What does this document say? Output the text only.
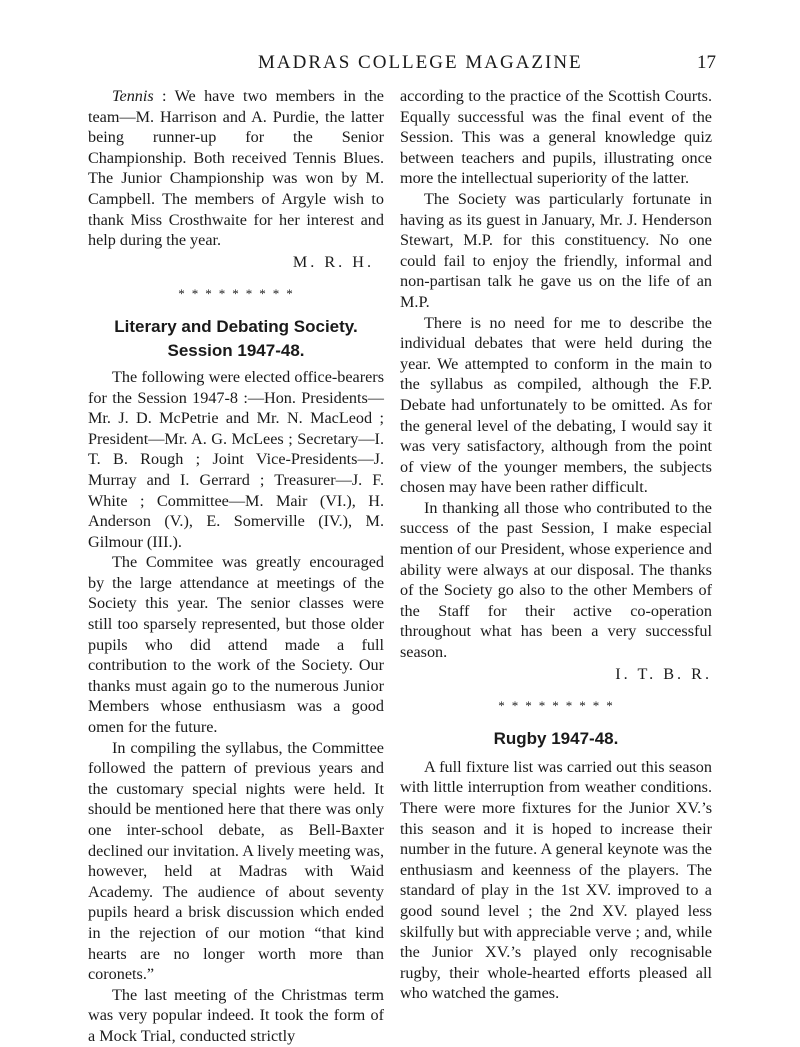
MADRAS COLLEGE MAGAZINE	17

Tennis : We have two members in the team—M. Harrison and A. Purdie, the latter being runner-up for the Senior Championship. Both received Tennis Blues. The Junior Championship was won by M. Campbell. The members of Argyle wish to thank Miss Crosthwaite for her interest and help during the year.

M. R. H.
*********
Literary and Debating Society.
Session 1947-48.

The following were elected office-bearers for the Session 1947-8 :—Hon. Presidents—Mr. J. D. McPetrie and Mr. N. MacLeod ; President—Mr. A. G. McLees ; Secretary—I. T. B. Rough ; Joint Vice-Presidents—J. Murray and I. Gerrard ; Treasurer—J. F. White ; Committee—M. Mair (VI.), H. Anderson (V.), E. Somerville (IV.), M. Gilmour (III.).

The Commitee was greatly encouraged by the large attendance at meetings of the Society this year. The senior classes were still too sparsely represented, but those older pupils who did attend made a full contribution to the work of the Society. Our thanks must again go to the numerous Junior Members whose enthusiasm was a good omen for the future.

In compiling the syllabus, the Committee followed the pattern of previous years and the customary special nights were held. It should be mentioned here that there was only one inter-school debate, as Bell-Baxter declined our invitation. A lively meeting was, however, held at Madras with Waid Academy. The audience of about seventy pupils heard a brisk discussion which ended in the rejection of our motion “that kind hearts are no longer worth more than coronets.”

The last meeting of the Christmas term was very popular indeed. It took the form of a Mock Trial, conducted strictly

according to the practice of the Scottish Courts. Equally successful was the final event of the Session. This was a general knowledge quiz between teachers and pupils, illustrating once more the intellectual superiority of the latter.

The Society was particularly fortunate in having as its guest in January, Mr. J. Henderson Stewart, M.P. for this constituency. No one could fail to enjoy the friendly, informal and non-partisan talk he gave us on the life of an M.P.

There is no need for me to describe the individual debates that were held during the year. We attempted to conform in the main to the syllabus as compiled, although the F.P. Debate had unfortunately to be omitted. As for the general level of the debating, I would say it was very satisfactory, although from the point of view of the younger members, the subjects chosen may have been rather difficult.

In thanking all those who contributed to the success of the past Session, I make especial mention of our President, whose experience and ability were always at our disposal. The thanks of the Society go also to the other Members of the Staff for their active co-operation throughout what has been a very successful season.

I. T. B. R.
*********
Rugby 1947-48.

A full fixture list was carried out this season with little interruption from weather conditions. There were more fixtures for the Junior XV.’s this season and it is hoped to increase their number in the future. A general keynote was the enthusiasm and keenness of the players. The standard of play in the 1st XV. improved to a good sound level ; the 2nd XV. played less skilfully but with appreciable verve ; and, while the Junior XV.’s played only recognisable rugby, their whole-hearted efforts pleased all who watched the games.
